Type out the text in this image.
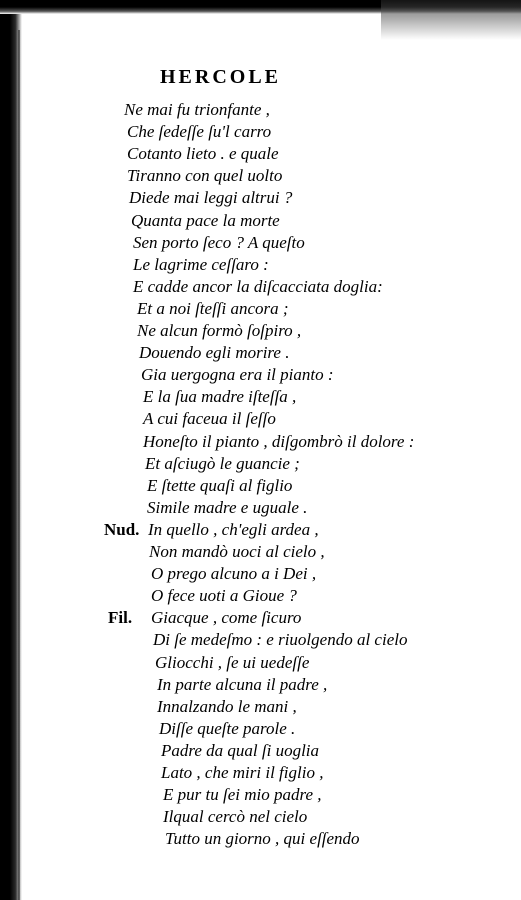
HERCOLE
Ne mai fu trionfante ,
Che ſedeſſe ſu'l carro
Cotanto lieto . e quale
Tiranno con quel uolto
Diede mai leggi altrui ?
Quanta pace la morte
Sen porto ſeco ? A queſto
Le lagrime ceſſaro :
E cadde ancor la diſcacciata doglia:
Et a noi ſteſſi ancora ;
Ne alcun formò ſoſpiro ,
Douendo egli morire .
Gia uergogna era il pianto :
E la ſua madre iſteſſa ,
A cui faceua il ſeſſo
Honeſto il pianto , diſgombrò il dolore :
Et aſciugò le guancie ;
E ſtette quaſi al figlio
Simile madre e uguale .
In quello , ch'egli ardea ,
Nud.
Non mandò uoci al cielo ,
O prego alcuno a i Dei ,
O fece uoti a Gioue ?
Giacque , come ſicuro
Fil.
Di ſe medeſmo : e riuolgendo al cielo
Gliocchi , ſe ui uedeſſe
In parte alcuna il padre ,
Innalzando le mani ,
Diſſe queſte parole .
Padre da qual ſi uoglia
Lato , che miri il figlio ,
E pur tu ſei mio padre ,
Ilqual cercò nel cielo
Tutto un giorno , qui eſſendo
